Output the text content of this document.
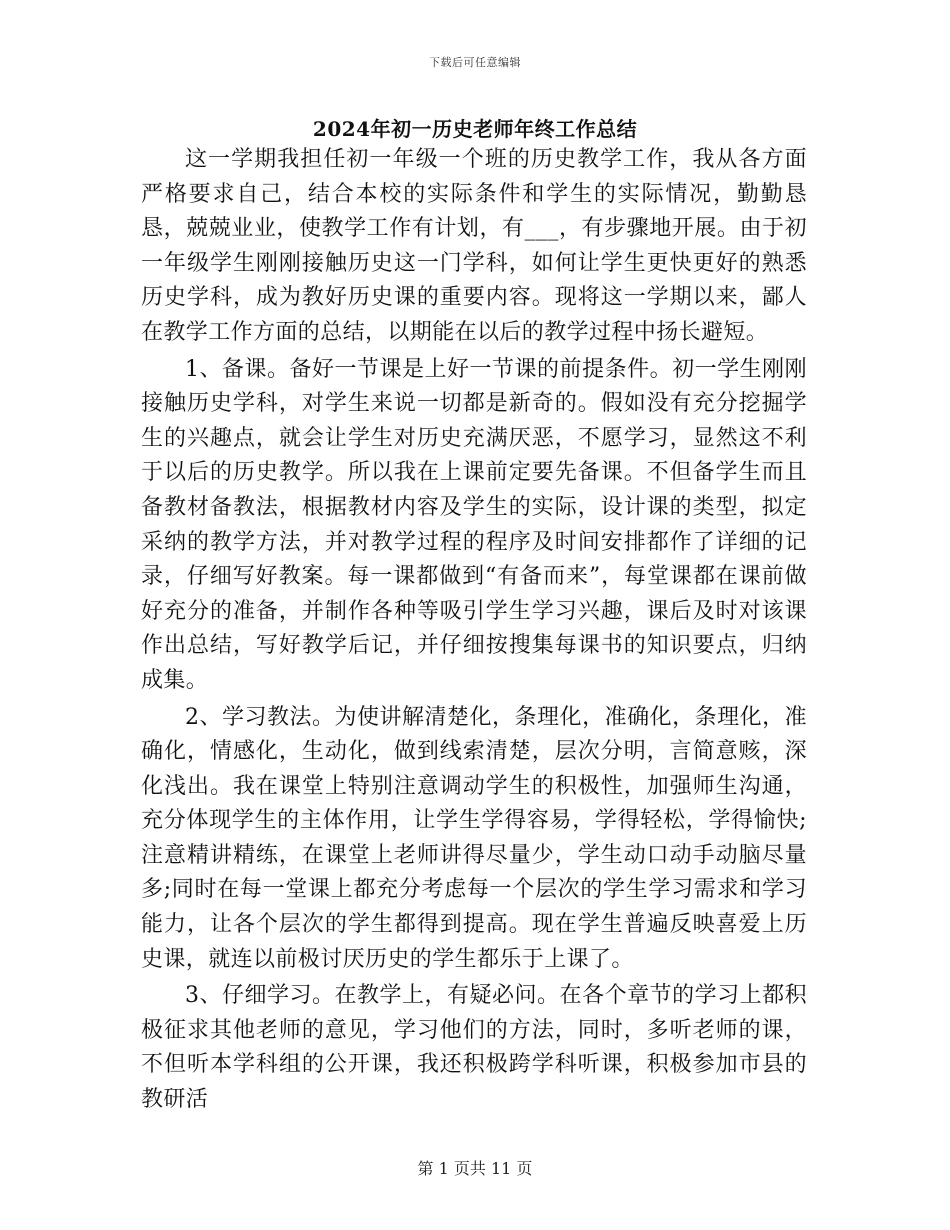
下载后可任意编辑
2024年初一历史老师年终工作总结

这一学期我担任初一年级一个班的历史教学工作，我从各方面严格要求自己，结合本校的实际条件和学生的实际情况，勤勤恳恳，兢兢业业，使教学工作有计划，有___，有步骤地开展。由于初一年级学生刚刚接触历史这一门学科，如何让学生更快更好的熟悉历史学科，成为教好历史课的重要内容。现将这一学期以来，鄙人在教学工作方面的总结，以期能在以后的教学过程中扬长避短。

1、备课。备好一节课是上好一节课的前提条件。初一学生刚刚接触历史学科，对学生来说一切都是新奇的。假如没有充分挖掘学生的兴趣点，就会让学生对历史充满厌恶，不愿学习，显然这不利于以后的历史教学。所以我在上课前定要先备课。不但备学生而且备教材备教法，根据教材内容及学生的实际，设计课的类型，拟定采纳的教学方法，并对教学过程的程序及时间安排都作了详细的记录，仔细写好教案。每一课都做到“有备而来”，每堂课都在课前做好充分的准备，并制作各种等吸引学生学习兴趣，课后及时对该课作出总结，写好教学后记，并仔细按搜集每课书的知识要点，归纳成集。

2、学习教法。为使讲解清楚化，条理化，准确化，条理化，准确化，情感化，生动化，做到线索清楚，层次分明，言简意赅，深化浅出。我在课堂上特别注意调动学生的积极性，加强师生沟通，充分体现学生的主体作用，让学生学得容易，学得轻松，学得愉快;注意精讲精练，在课堂上老师讲得尽量少，学生动口动手动脑尽量多;同时在每一堂课上都充分考虑每一个层次的学生学习需求和学习能力，让各个层次的学生都得到提高。现在学生普遍反映喜爱上历史课，就连以前极讨厌历史的学生都乐于上课了。

3、仔细学习。在教学上，有疑必问。在各个章节的学习上都积极征求其他老师的意见，学习他们的方法，同时，多听老师的课，不但听本学科组的公开课，我还积极跨学科听课，积极参加市县的教研活

第 1 页共 11 页
